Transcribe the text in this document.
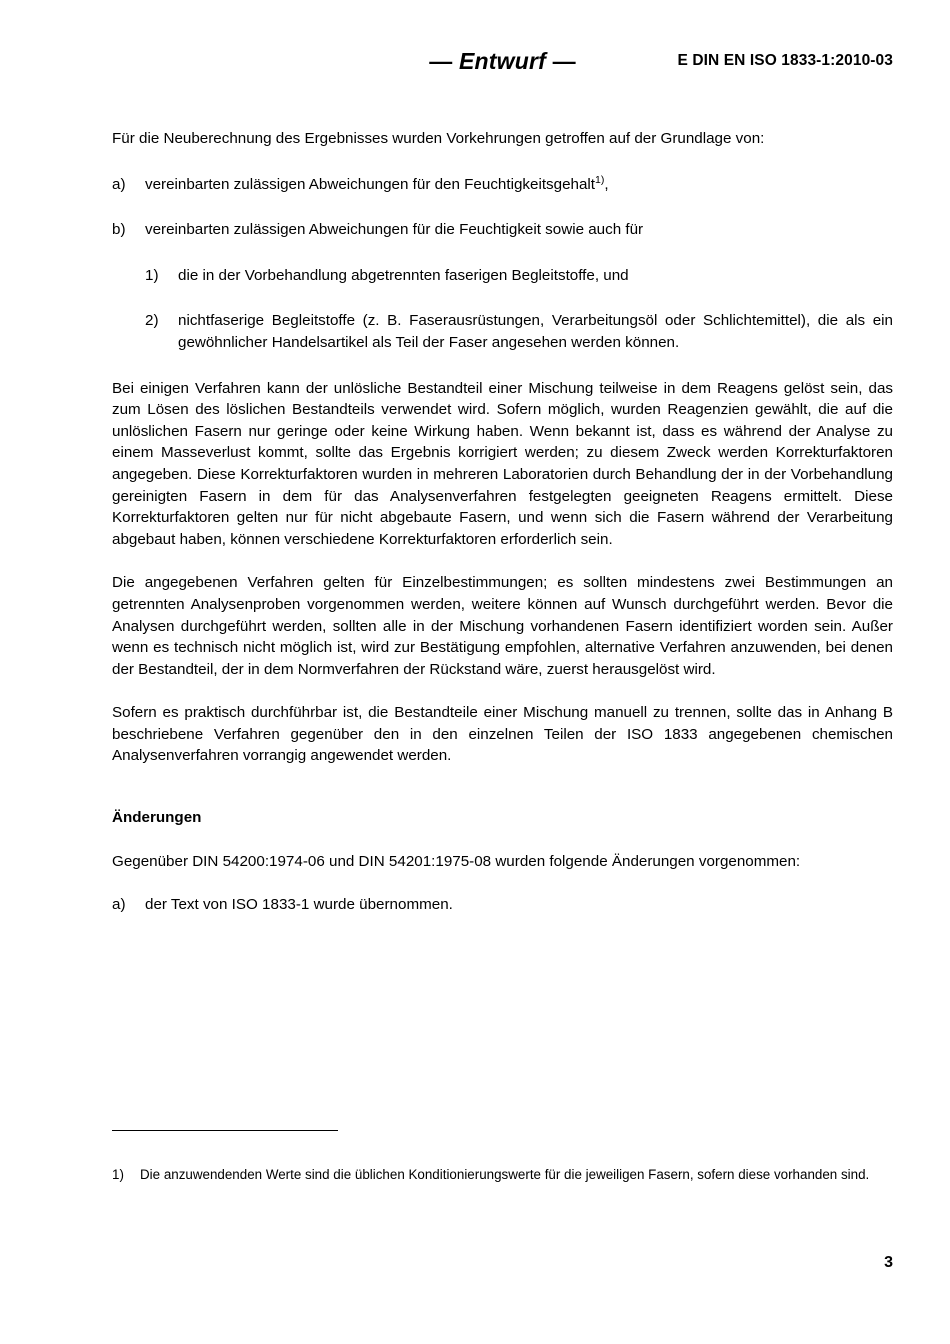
— Entwurf —	E DIN EN ISO 1833-1:2010-03

Für die Neuberechnung des Ergebnisses wurden Vorkehrungen getroffen auf der Grundlage von:

a)	vereinbarten zulässigen Abweichungen für den Feuchtigkeitsgehalt$^{1)}$,
b)	vereinbarten zulässigen Abweichungen für die Feuchtigkeit sowie auch für
1)	die in der Vorbehandlung abgetrennten faserigen Begleitstoffe, und
2)	nichtfaserige Begleitstoffe (z. B. Faserausrüstungen, Verarbeitungsöl oder Schlichtemittel), die als ein gewöhnlicher Handelsartikel als Teil der Faser angesehen werden können.

Bei einigen Verfahren kann der unlösliche Bestandteil einer Mischung teilweise in dem Reagens gelöst sein, das zum Lösen des löslichen Bestandteils verwendet wird. Sofern möglich, wurden Reagenzien gewählt, die auf die unlöslichen Fasern nur geringe oder keine Wirkung haben. Wenn bekannt ist, dass es während der Analyse zu einem Masseverlust kommt, sollte das Ergebnis korrigiert werden; zu diesem Zweck werden Korrekturfaktoren angegeben. Diese Korrekturfaktoren wurden in mehreren Laboratorien durch Behandlung der in der Vorbehandlung gereinigten Fasern in dem für das Analysenverfahren festgelegten geeigneten Reagens ermittelt. Diese Korrekturfaktoren gelten nur für nicht abgebaute Fasern, und wenn sich die Fasern während der Verarbeitung abgebaut haben, können verschiedene Korrekturfaktoren erforderlich sein.

Die angegebenen Verfahren gelten für Einzelbestimmungen; es sollten mindestens zwei Bestimmungen an getrennten Analysenproben vorgenommen werden, weitere können auf Wunsch durchgeführt werden. Bevor die Analysen durchgeführt werden, sollten alle in der Mischung vorhandenen Fasern identifiziert worden sein. Außer wenn es technisch nicht möglich ist, wird zur Bestätigung empfohlen, alternative Verfahren anzuwenden, bei denen der Bestandteil, der in dem Normverfahren der Rückstand wäre, zuerst herausgelöst wird.

Sofern es praktisch durchführbar ist, die Bestandteile einer Mischung manuell zu trennen, sollte das in Anhang B beschriebene Verfahren gegenüber den in den einzelnen Teilen der ISO 1833 angegebenen chemischen Analysenverfahren vorrangig angewendet werden.

Änderungen

Gegenüber DIN 54200:1974-06 und DIN 54201:1975-08 wurden folgende Änderungen vorgenommen:

a)	der Text von ISO 1833-1 wurde übernommen.
1)	Die anzuwendenden Werte sind die üblichen Konditionierungswerte für die jeweiligen Fasern, sofern diese vorhanden sind.
3
